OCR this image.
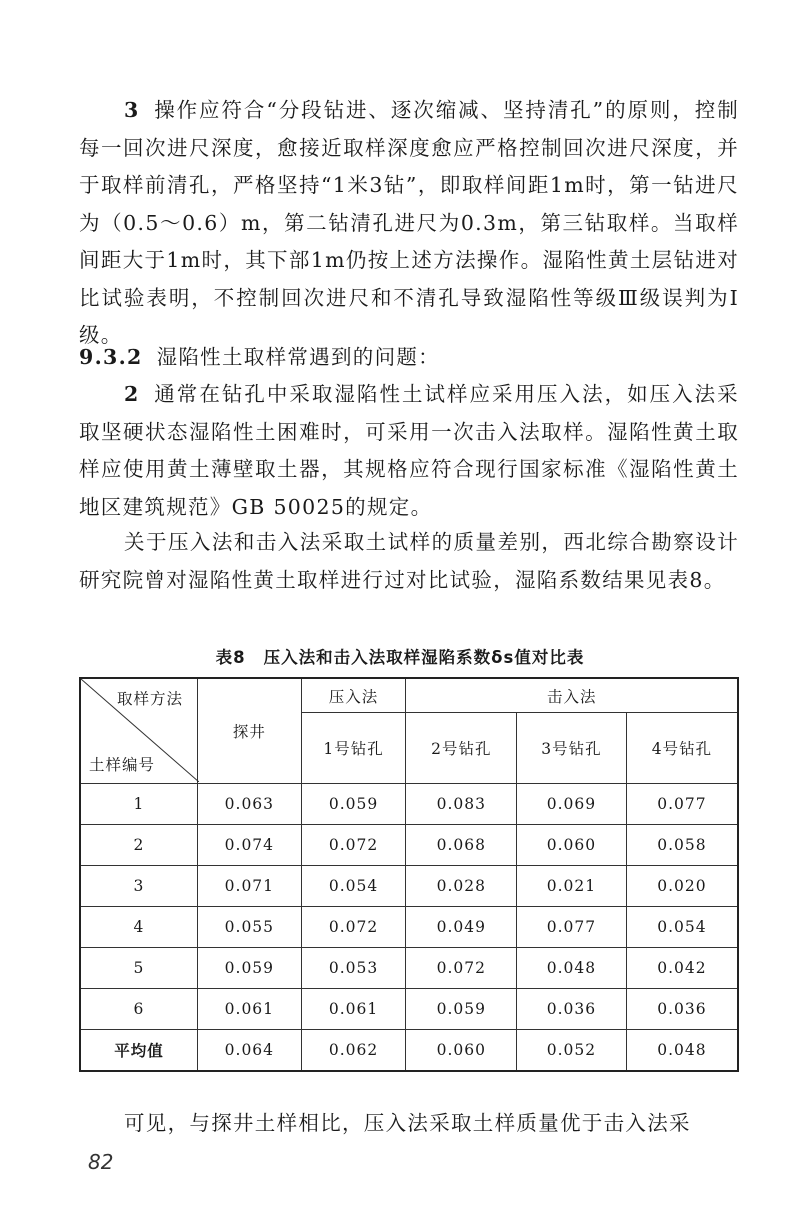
3 操作应符合“分段钻进、逐次缩减、坚持清孔”的原则，控制每一回次进尺深度，愈接近取样深度愈应严格控制回次进尺深度，并于取样前清孔，严格坚持“1米3钻”，即取样间距1m时，第一钻进尺为（0.5～0.6）m，第二钻清孔进尺为0.3m，第三钻取样。当取样间距大于1m时，其下部1m仍按上述方法操作。湿陷性黄土层钻进对比试验表明，不控制回次进尺和不清孔导致湿陷性等级Ⅲ级误判为Ⅰ级。

9.3.2 湿陷性土取样常遇到的问题：

2 通常在钻孔中采取湿陷性土试样应采用压入法，如压入法采取坚硬状态湿陷性土困难时，可采用一次击入法取样。湿陷性黄土取样应使用黄土薄壁取土器，其规格应符合现行国家标准《湿陷性黄土地区建筑规范》GB 50025的规定。

关于压入法和击入法采取土试样的质量差别，西北综合勘察设计研究院曾对湿陷性黄土取样进行过对比试验，湿陷系数结果见表8。

表8 压入法和击入法取样湿陷系数δs值对比表
取样方法
土样编号	探井	压入法	击入法		
		1号钻孔	2号钻孔	3号钻孔	4号钻孔
1	0.063	0.059	0.083	0.069	0.077
2	0.074	0.072	0.068	0.060	0.058
3	0.071	0.054	0.028	0.021	0.020
4	0.055	0.072	0.049	0.077	0.054
5	0.059	0.053	0.072	0.048	0.042
6	0.061	0.061	0.059	0.036	0.036
平均值	0.064	0.062	0.060	0.052	0.048

可见，与探井土样相比，压入法采取土样质量优于击入法采

82
